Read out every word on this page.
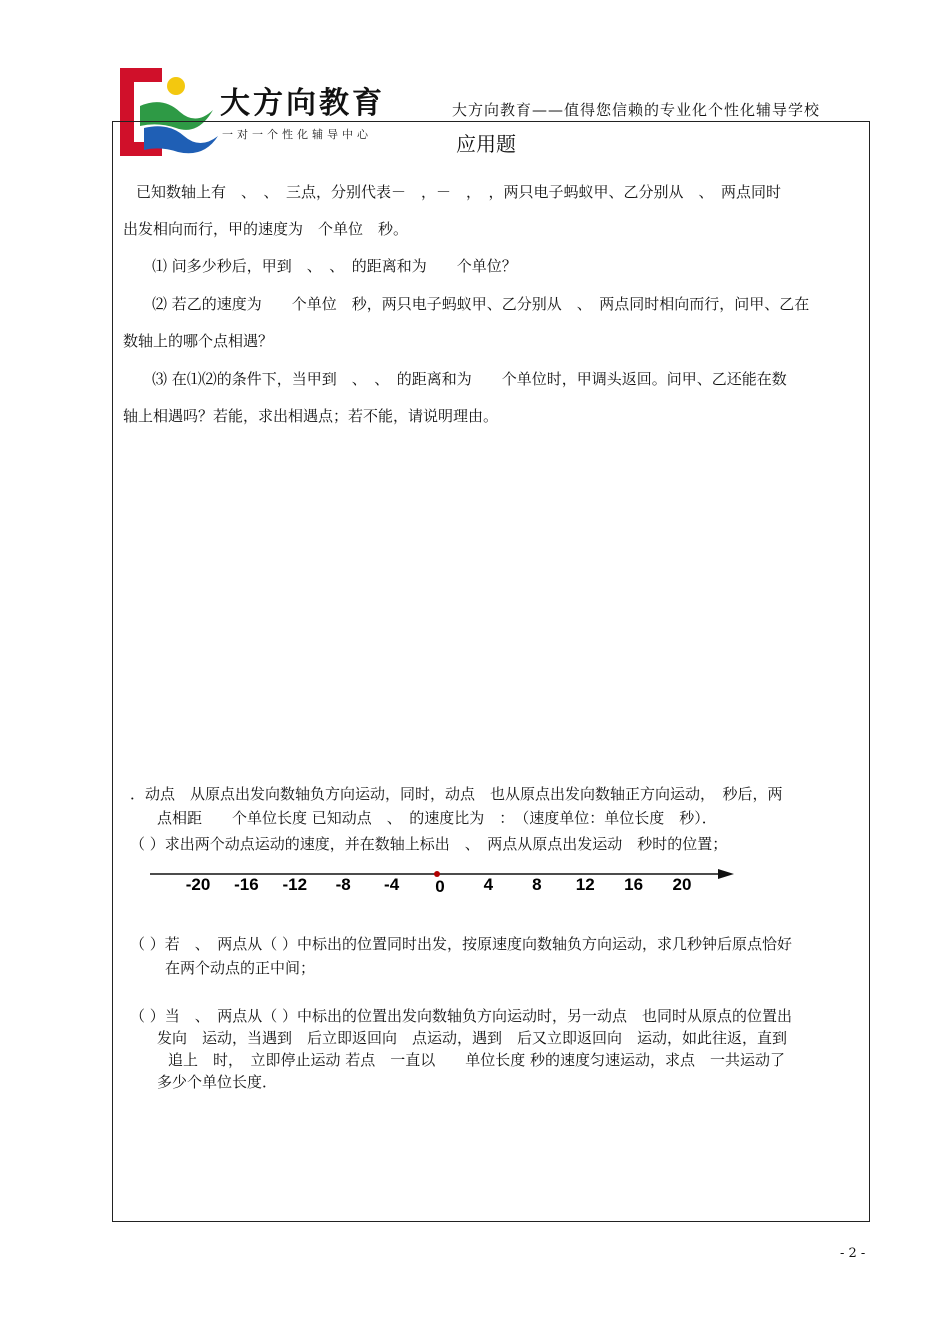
大方向教育
一对一个性化辅导中心
大方向教育——值得您信赖的专业化个性化辅导学校
应用题
已知数轴上有　、　、　三点，分别代表－　，－　，　，两只电子蚂蚁甲、乙分别从　、　两点同时
出发相向而行，甲的速度为　个单位　秒。
⑴ 问多少秒后，甲到　、　、　的距离和为　　个单位？
⑵ 若乙的速度为　　个单位　秒，两只电子蚂蚁甲、乙分别从　、　两点同时相向而行，问甲、乙在
数轴上的哪个点相遇？
⑶ 在⑴⑵的条件下，当甲到　、　、　的距离和为　　个单位时，甲调头返回。问甲、乙还能在数
轴上相遇吗？若能，求出相遇点；若不能，请说明理由。
．动点　从原点出发向数轴负方向运动，同时，动点　也从原点出发向数轴正方向运动，　秒后，两
点相距　　个单位长度 已知动点　、　的速度比为　：　（速度单位：单位长度　秒）．
（ ）求出两个动点运动的速度，并在数轴上标出　、　两点从原点出发运动　秒时的位置；
-20 -16 -12 -8 -4 0 4 8 12 16 20
（ ）若　、　两点从（ ）中标出的位置同时出发，按原速度向数轴负方向运动，求几秒钟后原点恰好
在两个动点的正中间；
（ ）当　、　两点从（ ）中标出的位置出发向数轴负方向运动时，另一动点　也同时从原点的位置出
发向　运动，当遇到　后立即返回向　点运动，遇到　后又立即返回向　运动，如此往返，直到
追上　时，　立即停止运动 若点　一直以　　单位长度 秒的速度匀速运动，求点　一共运动了
多少个单位长度．
- 2 -
